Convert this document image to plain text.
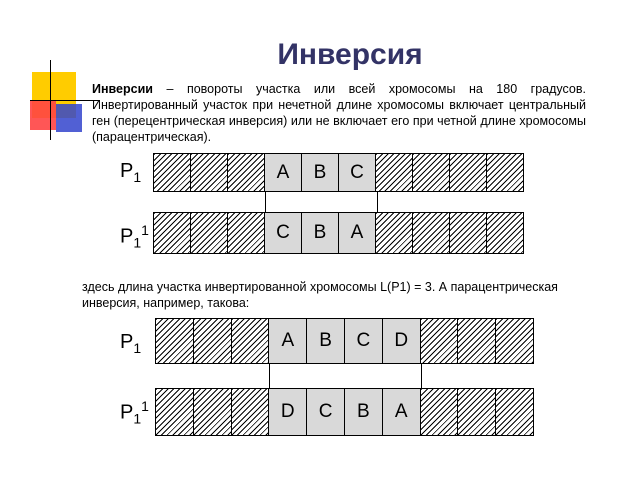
Инверсия
Инверсии – повороты участка или всей хромосомы на 180 градусов. Инвертированный участок при нечетной длине хромосомы включает центральный ген (перецентрическая инверсия) или не включает его при четной длине хромосомы (парацентрическая).
$P_1$	A	B	C
$P_1^1$	C	B	A
здесь длина участка инвертированной хромосомы L(P1) = 3. А парацентрическая инверсия, например, такова:
$P_1$	A	B	C	D
$P_1^1$	D	C	B	A
